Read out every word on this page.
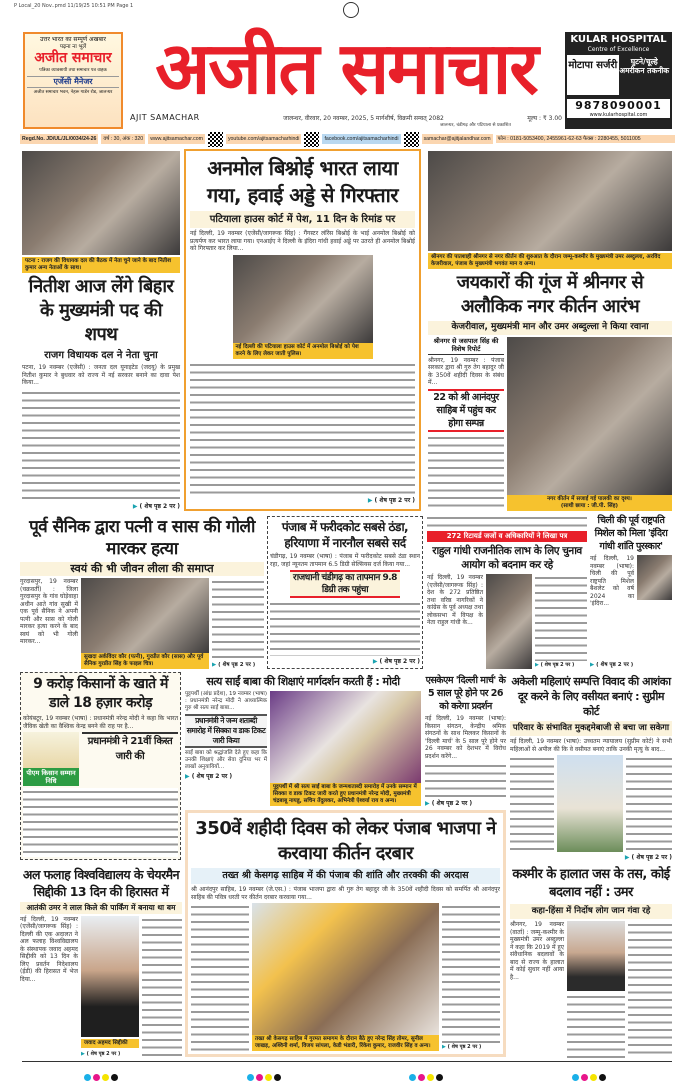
P Local_20 Nov..pmd 11/19/25 10:51 PM Page 1
उत्तर भारत का सम्पूर्ण अखबार
पढ़ना ना भूलें
अजीत समाचार
पत्रिका व्यावसायी तथा समाचार पत्र वाहक
एजेंसी मैनेजर
अजीत समाचार भवन, नेहरू गार्डन रोड, जालन्धर अजीत समाचार
AJIT SAMACHAR	जालन्धर, वीरवार, 20 नवम्बर, 2025, 5 मार्गशीर्ष, विक्रमी सम्वत् 2082	मूल्य : ₹ 3.00
जालन्धर, चंडीगढ़ और पटियाला से प्रकाशित
KULAR HOSPITAL
Centre of Excellence
मोटापा सर्जरी	घुटने/चूल्हे अमरीकन तकनीक
9878090001
www.kularhospital.com
Regd.No. JD/UL/JL/0034/24-26	वर्ष : 30, अंक : 320	www.ajitsamachar.com	youtube.com/ajitsamacharhindi	facebook.com/ajitsamacharhindi	samachar@ajitjalandhar.com	फोन : 0181-5053400, 2455961-62-63 फैक्स : 2280455, 5011005
पटना : राजग की विधायक दल की बैठक में नेता चुने जाने के बाद नितीश कुमार अन्य नेताओं के साथ।
नितीश आज लेंगे बिहार के मुख्यमंत्री पद की शपथ
राजग विधायक दल ने नेता चुना
पटना, 19 नवम्बर (एजेंसी) : जनता दल यूनाइटेड (जदयू) के प्रमुख नितीश कुमार ने बुधवार को राज्य में नई सरकार बनाने का दावा पेश किया...
▶ ( शेष पृष्ठ 2 पर )
अनमोल बिश्नोई भारत लाया गया, हवाई अड्डे से गिरफ्तार
पटियाला हाउस कोर्ट में पेश, 11 दिन के रिमांड पर
नई दिल्ली, 19 नवम्बर (एजेंसी/जागरूक सिंह) : गैंगस्टर लॉरेंस बिश्नोई के भाई अनमोल बिश्नोई को प्रत्यर्पण कर भारत लाया गया। एनआईए ने दिल्ली के इंदिरा गांधी हवाई अड्डे पर उतरते ही अनमोल बिश्नोई को गिरफ्तार कर लिया...
नई दिल्ली की पटियाला हाउस कोर्ट में अनमोल बिश्नोई को पेश करने के लिए लेकर जाती पुलिस।
▶ ( शेष पृष्ठ 2 पर )
श्रीनगर की पातशाही श्रीनगर से नगर कीर्तन की शुरुआत के दौरान जम्मू-कश्मीर के मुख्यमंत्री उमर अब्दुल्ला, अरविंद केजरीवाल, पंजाब के मुख्यमंत्री भगवंत मान व अन्य।
जयकारों की गूंज में श्रीनगर से अलौकिक नगर कीर्तन आरंभ
केजरीवाल, मुख्यमंत्री मान और उमर अब्दुल्ला ने किया रवाना
श्रीनगर से जसपाल सिंह की विशेष रिपोर्ट
श्रीनगर, 19 नवम्बर : पंजाब सरकार द्वारा श्री गुरु तेग बहादुर जी के 350वें शहीदी दिवस के संबंध में...
22 को श्री आनंदपुर साहिब में पहुंच कर होगा सम्पन्न
नगर कीर्तन में सजाई गई पालकी का दृश्य।
(साथी छाया : जी.पी. सिंह)
पूर्व सैनिक द्वारा पत्नी व सास की गोली मारकर हत्या
स्वयं की भी जीवन लीला की समाप्त
गुरदासपुर, 19 नवम्बर (चक्रवर्ती) : जिला गुरदासपुर के गांव घोड़ेवाहा अधीन आते गांव सुखी में एक पूर्व सैनिक ने अपनी पत्नी और सास को गोली मारकर हत्या करने के बाद स्वयं को भी गोली मारकर...
सुखदा अर्कविंदर कौर (पत्नी), गुरप्रीत कौर (सास) और पूर्व सैनिक गुरप्रीत सिंह के फाइल चित्र।	▶ ( शेष पृष्ठ 2 पर )
पंजाब में फरीदकोट सबसे ठंडा, हरियाणा में नारनौल सबसे सर्द
चंडीगढ़, 19 नवम्बर (भाषा) : पंजाब में फरीदकोट सबसे ठंडा स्थान रहा, जहां न्यूनतम तापमान 6.5 डिग्री सेल्सियस दर्ज किया गया...
राजधानी चंडीगढ़ का तापमान 9.8 डिग्री तक पहुंचा
▶ ( शेष पृष्ठ 2 पर )
272 रिटायर्ड जजों व अधिकारियों ने लिखा पत्र
राहुल गांधी राजनीतिक लाभ के लिए चुनाव आयोग को बदनाम कर रहे
नई दिल्ली, 19 नवम्बर (एजेंसी/जागरूक सिंह) : देश के 272 प्रतिष्ठित तथा वरिष्ठ नागरिकों ने कांग्रेस के पूर्व अध्यक्ष तथा लोकसभा में विपक्ष के नेता राहुल गांधी के...
▶ ( शेष पृष्ठ 2 पर )
चिली की पूर्व राष्ट्रपति मिशेल को मिला 'इंदिरा गांधी शांति पुरस्कार'
नई दिल्ली, 19 नवम्बर (भाषा): चिली की पूर्व राष्ट्रपति मिशेल बैशलेट को वर्ष 2024 का 'इंदिरा...
▶ ( शेष पृष्ठ 2 पर )
9 करोड़ किसानों के खाते में डाले 18 हज़ार करोड़
कोयंबटूर, 19 नवम्बर (भाषा) : प्रधानमंत्री नरेन्द्र मोदी ने कहा कि भारत जैविक खेती का वैश्विक केन्द्र बनने की राह पर है...
पीएम किसान सम्मान निधि
प्रधानमंत्री ने 21वीं किस्त जारी की
सत्य साईं बाबा की शिक्षाएं मार्गदर्शन करती हैं : मोदी
पुट्टपर्थी (आंध्र प्रदेश), 19 नवम्बर (भाषा) : प्रधानमंत्री नरेन्द्र मोदी ने आध्यात्मिक गुरु श्री सत्य साईं बाबा...
प्रधानमंत्री ने जन्म शताब्दी समारोह में सिक्का व डाक टिकट जारी किया
साईं बाबा को श्रद्धांजलि देते हुए कहा कि उनकी शिक्षाएं और सेवा दुनिया भर में लाखों अनुयायियों...
▶ ( शेष पृष्ठ 2 पर )
पुट्टपर्थी में श्री सत्य साईं बाबा के जन्मशताब्दी समारोह में उनके सम्मान में सिक्का व डाक टिकट जारी करते हुए प्रधानमंत्री नरेन्द्र मोदी, मुख्यमंत्री चंद्रबाबू नायडू, सचिन तेंदुलकर, अभिनेत्री ऐश्वर्या राय व अन्य।
एसकेएम 'दिल्ली मार्च' के 5 साल पूरे होने पर 26 को करेगा प्रदर्शन
नई दिल्ली, 19 नवम्बर (भाषा): किसान संगठन, केन्द्रीय श्रमिक संगठनों के साथ मिलकर किसानों के 'दिल्ली मार्च' के 5 साल पूरे होने पर 26 नवम्बर को देशभर में विरोध प्रदर्शन करेंगे...
▶ ( शेष पृष्ठ 2 पर )
अकेली महिलाएं सम्पत्ति विवाद की आशंका दूर करने के लिए वसीयत बनाएं : सुप्रीम कोर्ट
परिवार के संभावित मुकद्दमेबाजी से बचा जा सकेगा
नई दिल्ली, 19 नवम्बर (भाषा): उच्चतम न्यायालय (सुप्रीम कोर्ट) ने सभी महिलाओं से अपील की कि वे वसीयत बनाएं ताकि उनकी मृत्यु के बाद...
▶ ( शेष पृष्ठ 2 पर )
350वें शहीदी दिवस को लेकर पंजाब भाजपा ने करवाया कीर्तन दरबार
तख्त श्री केसगढ़ साहिब में की पंजाब की शांति और तरक्की की अरदास
श्री आनंदपुर साहिब, 19 नवम्बर (जे.एस.) : पंजाब भाजपा द्वारा श्री गुरु तेग बहादुर जी के 350वें शहीदी दिवस को समर्पित श्री आनंदपुर साहिब की पवित्र धरती पर कीर्तन दरबार करवाया गया...
तख्त श्री केसगढ़ साहिब में गुरमत समागम के दौरान बैठे हुए नरेन्द्र सिंह तोमर, सुनील जाखड़, अश्विनी शर्मा, विजय सांपला, केडी भंडारी, रिंकेश कुमार, राजवीर सिंह व अन्य।	▶ ( शेष पृष्ठ 2 पर )
अल फलाह विश्वविद्यालय के चेयरमैन सिद्दीकी 13 दिन की हिरासत में
आतंकी उमर ने लाल किले की पार्किंग में बनाया था बम
नई दिल्ली, 19 नवम्बर (एजेंसी/जागरूक सिंह) : दिल्ली की एक अदालत ने अल फलाह विश्वविद्यालय के संस्थापक जवाद अहमद सिद्दीकी को 13 दिन के लिए प्रवर्तन निदेशालय (ईडी) की हिरासत में भेज दिया...
जवाद अहमद सिद्दीकी
▶ ( शेष पृष्ठ 2 पर )
कश्मीर के हालात जस के तस, कोई बदलाव नहीं : उमर
कहा-हिंसा में निर्दोष लोग जान गंवा रहे
श्रीनगर, 19 नवम्बर (वार्ता) : जम्मू-कश्मीर के मुख्यमंत्री उमर अब्दुल्ला ने कहा कि 2019 में हुए संवैधानिक बदलावों के बाद से राज्य के हालात में कोई सुधार नहीं आया है...
